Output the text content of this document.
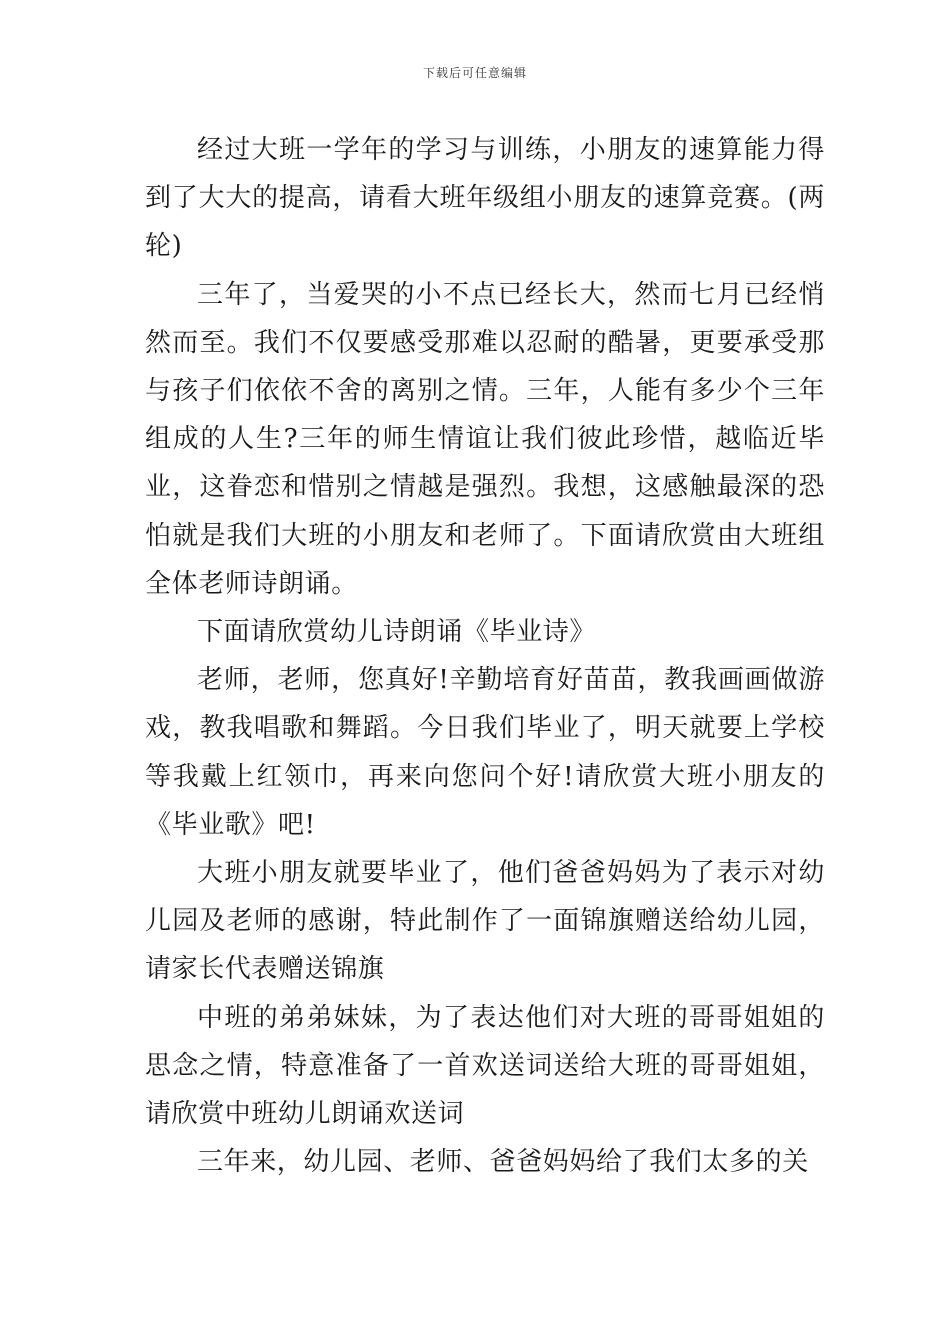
下载后可任意编辑

经过大班一学年的学习与训练，小朋友的速算能力得到了大大的提高，请看大班年级组小朋友的速算竞赛。(两轮)

三年了，当爱哭的小不点已经长大，然而七月已经悄然而至。我们不仅要感受那难以忍耐的酷暑，更要承受那与孩子们依依不舍的离别之情。三年，人能有多少个三年组成的人生?三年的师生情谊让我们彼此珍惜，越临近毕业，这眷恋和惜别之情越是强烈。我想，这感触最深的恐怕就是我们大班的小朋友和老师了。下面请欣赏由大班组全体老师诗朗诵。

下面请欣赏幼儿诗朗诵《毕业诗》

老师，老师，您真好!辛勤培育好苗苗，教我画画做游戏，教我唱歌和舞蹈。今日我们毕业了，明天就要上学校等我戴上红领巾，再来向您问个好!请欣赏大班小朋友的《毕业歌》吧!

大班小朋友就要毕业了，他们爸爸妈妈为了表示对幼儿园及老师的感谢，特此制作了一面锦旗赠送给幼儿园，请家长代表赠送锦旗

中班的弟弟妹妹，为了表达他们对大班的哥哥姐姐的思念之情，特意准备了一首欢送词送给大班的哥哥姐姐，请欣赏中班幼儿朗诵欢送词

三年来，幼儿园、老师、爸爸妈妈给了我们太多的关
